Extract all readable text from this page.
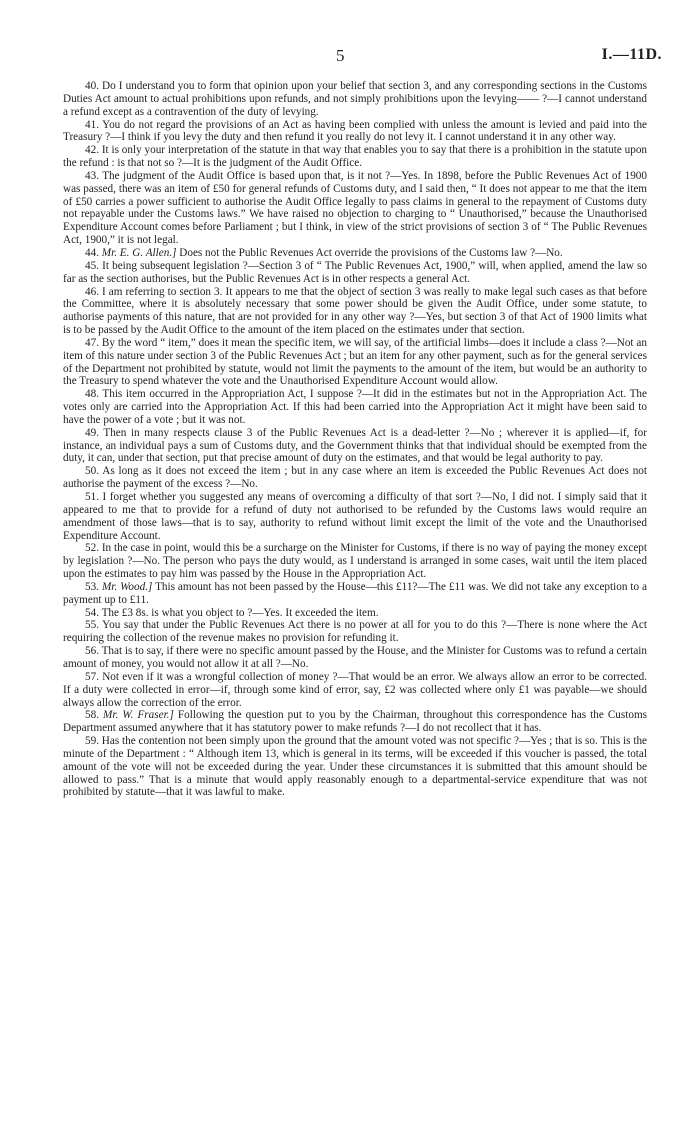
5	I.—11D.

40. Do I understand you to form that opinion upon your belief that section 3, and any corresponding sections in the Customs Duties Act amount to actual prohibitions upon refunds, and not simply prohibitions upon the levying—— ?—I cannot understand a refund except as a contravention of the duty of levying.

41. You do not regard the provisions of an Act as having been complied with unless the amount is levied and paid into the Treasury ?—I think if you levy the duty and then refund it you really do not levy it. I cannot understand it in any other way.

42. It is only your interpretation of the statute in that way that enables you to say that there is a prohibition in the statute upon the refund : is that not so ?—It is the judgment of the Audit Office.

43. The judgment of the Audit Office is based upon that, is it not ?—Yes. In 1898, before the Public Revenues Act of 1900 was passed, there was an item of £50 for general refunds of Customs duty, and I said then, “ It does not appear to me that the item of £50 carries a power sufficient to authorise the Audit Office legally to pass claims in general to the repayment of Customs duty not repayable under the Customs laws.” We have raised no objection to charging to “ Unauthorised,” because the Unauthorised Expenditure Account comes before Parliament ; but I think, in view of the strict provisions of section 3 of “ The Public Revenues Act, 1900,” it is not legal.

44. Mr. E. G. Allen.] Does not the Public Revenues Act override the provisions of the Customs law ?—No.

45. It being subsequent legislation ?—Section 3 of “ The Public Revenues Act, 1900,” will, when applied, amend the law so far as the section authorises, but the Public Revenues Act is in other respects a general Act.

46. I am referring to section 3. It appears to me that the object of section 3 was really to make legal such cases as that before the Committee, where it is absolutely necessary that some power should be given the Audit Office, under some statute, to authorise payments of this nature, that are not provided for in any other way ?—Yes, but section 3 of that Act of 1900 limits what is to be passed by the Audit Office to the amount of the item placed on the estimates under that section.

47. By the word “ item,” does it mean the specific item, we will say, of the artificial limbs—does it include a class ?—Not an item of this nature under section 3 of the Public Revenues Act ; but an item for any other payment, such as for the general services of the Department not prohibited by statute, would not limit the payments to the amount of the item, but would be an authority to the Treasury to spend whatever the vote and the Unauthorised Expenditure Account would allow.

48. This item occurred in the Appropriation Act, I suppose ?—It did in the estimates but not in the Appropriation Act. The votes only are carried into the Appropriation Act. If this had been carried into the Appropriation Act it might have been said to have the power of a vote ; but it was not.

49. Then in many respects clause 3 of the Public Revenues Act is a dead-letter ?—No ; wherever it is applied—if, for instance, an individual pays a sum of Customs duty, and the Government thinks that that individual should be exempted from the duty, it can, under that section, put that precise amount of duty on the estimates, and that would be legal authority to pay.

50. As long as it does not exceed the item ; but in any case where an item is exceeded the Public Revenues Act does not authorise the payment of the excess ?—No.

51. I forget whether you suggested any means of overcoming a difficulty of that sort ?—No, I did not. I simply said that it appeared to me that to provide for a refund of duty not authorised to be refunded by the Customs laws would require an amendment of those laws—that is to say, authority to refund without limit except the limit of the vote and the Unauthorised Expenditure Account.

52. In the case in point, would this be a surcharge on the Minister for Customs, if there is no way of paying the money except by legislation ?—No. The person who pays the duty would, as I understand is arranged in some cases, wait until the item placed upon the estimates to pay him was passed by the House in the Appropriation Act.

53. Mr. Wood.] This amount has not been passed by the House—this £11?—The £11 was. We did not take any exception to a payment up to £11.

54. The £3 8s. is what you object to ?—Yes. It exceeded the item.

55. You say that under the Public Revenues Act there is no power at all for you to do this ?—There is none where the Act requiring the collection of the revenue makes no provision for refunding it.

56. That is to say, if there were no specific amount passed by the House, and the Minister for Customs was to refund a certain amount of money, you would not allow it at all ?—No.

57. Not even if it was a wrongful collection of money ?—That would be an error. We always allow an error to be corrected. If a duty were collected in error—if, through some kind of error, say, £2 was collected where only £1 was payable—we should always allow the correction of the error.

58. Mr. W. Fraser.] Following the question put to you by the Chairman, throughout this correspondence has the Customs Department assumed anywhere that it has statutory power to make refunds ?—I do not recollect that it has.

59. Has the contention not been simply upon the ground that the amount voted was not specific ?—Yes ; that is so. This is the minute of the Department : “ Although item 13, which is general in its terms, will be exceeded if this voucher is passed, the total amount of the vote will not be exceeded during the year. Under these circumstances it is submitted that this amount should be allowed to pass.” That is a minute that would apply reasonably enough to a departmental-service expenditure that was not prohibited by statute—that it was lawful to make.
